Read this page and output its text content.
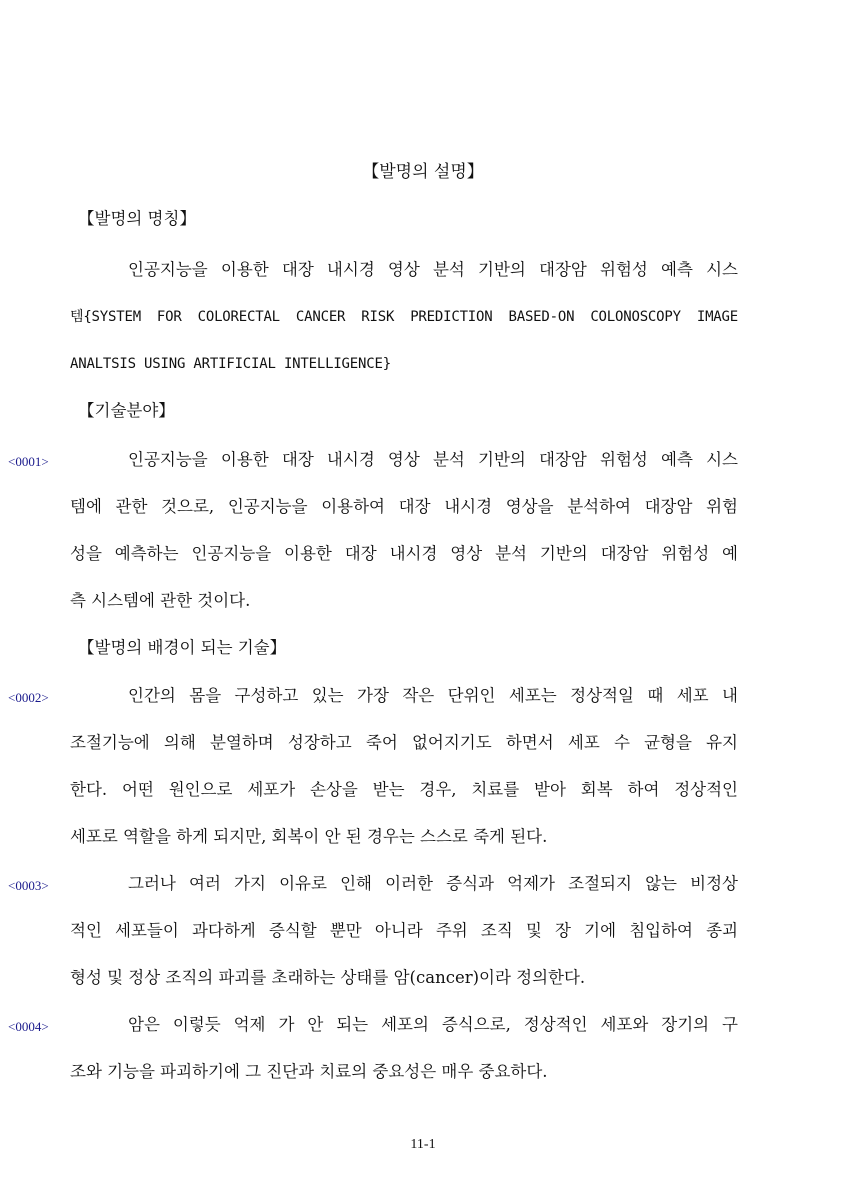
【발명의 설명】
【발명의 명칭】
인공지능을 이용한 대장 내시경 영상 분석 기반의 대장암 위험성 예측 시스
템{SYSTEM FOR COLORECTAL CANCER RISK PREDICTION BASED-ON COLONOSCOPY IMAGE
ANALTSIS USING ARTIFICIAL INTELLIGENCE}
【기술분야】
<0001>	인공지능을 이용한 대장 내시경 영상 분석 기반의 대장암 위험성 예측 시스
템에 관한 것으로, 인공지능을 이용하여 대장 내시경 영상을 분석하여 대장암 위험
성을 예측하는 인공지능을 이용한 대장 내시경 영상 분석 기반의 대장암 위험성 예
측 시스템에 관한 것이다.
【발명의 배경이 되는 기술】
<0002>	인간의 몸을 구성하고 있는 가장 작은 단위인 세포는 정상적일 때 세포 내
조절기능에 의해 분열하며 성장하고 죽어 없어지기도 하면서 세포 수 균형을 유지
한다. 어떤 원인으로 세포가 손상을 받는 경우, 치료를 받아 회복 하여 정상적인
세포로 역할을 하게 되지만, 회복이 안 된 경우는 스스로 죽게 된다.
<0003>	그러나 여러 가지 이유로 인해 이러한 증식과 억제가 조절되지 않는 비정상
적인 세포들이 과다하게 증식할 뿐만 아니라 주위 조직 및 장 기에 침입하여 종괴
형성 및 정상 조직의 파괴를 초래하는 상태를 암(cancer)이라 정의한다.
<0004>	암은 이렇듯 억제 가 안 되는 세포의 증식으로, 정상적인 세포와 장기의 구
조와 기능을 파괴하기에 그 진단과 치료의 중요성은 매우 중요하다.
11-1
